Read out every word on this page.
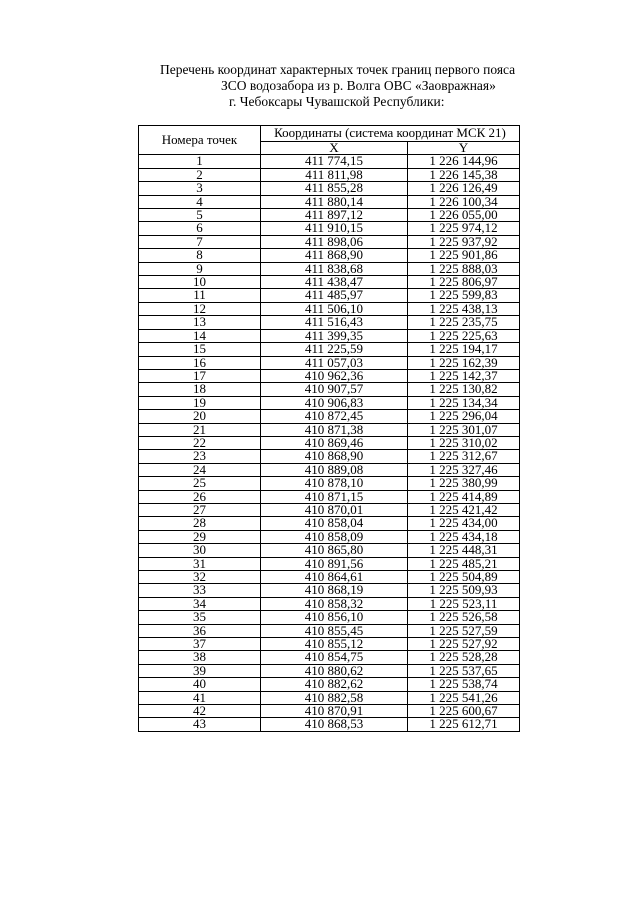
Перечень координат характерных точек границ первого пояса
ЗСО водозабора из р. Волга ОВС «Заовражная»
г. Чебоксары Чувашской Республики:
Номера точек	Координаты (система координат МСК 21)	
	X	Y
1	411 774,15	1 226 144,96
2	411 811,98	1 226 145,38
3	411 855,28	1 226 126,49
4	411 880,14	1 226 100,34
5	411 897,12	1 226 055,00
6	411 910,15	1 225 974,12
7	411 898,06	1 225 937,92
8	411 868,90	1 225 901,86
9	411 838,68	1 225 888,03
10	411 438,47	1 225 806,97
11	411 485,97	1 225 599,83
12	411 506,10	1 225 438,13
13	411 516,43	1 225 235,75
14	411 399,35	1 225 225,63
15	411 225,59	1 225 194,17
16	411 057,03	1 225 162,39
17	410 962,36	1 225 142,37
18	410 907,57	1 225 130,82
19	410 906,83	1 225 134,34
20	410 872,45	1 225 296,04
21	410 871,38	1 225 301,07
22	410 869,46	1 225 310,02
23	410 868,90	1 225 312,67
24	410 889,08	1 225 327,46
25	410 878,10	1 225 380,99
26	410 871,15	1 225 414,89
27	410 870,01	1 225 421,42
28	410 858,04	1 225 434,00
29	410 858,09	1 225 434,18
30	410 865,80	1 225 448,31
31	410 891,56	1 225 485,21
32	410 864,61	1 225 504,89
33	410 868,19	1 225 509,93
34	410 858,32	1 225 523,11
35	410 856,10	1 225 526,58
36	410 855,45	1 225 527,59
37	410 855,12	1 225 527,92
38	410 854,75	1 225 528,28
39	410 880,62	1 225 537,65
40	410 882,62	1 225 538,74
41	410 882,58	1 225 541,26
42	410 870,91	1 225 600,67
43	410 868,53	1 225 612,71
